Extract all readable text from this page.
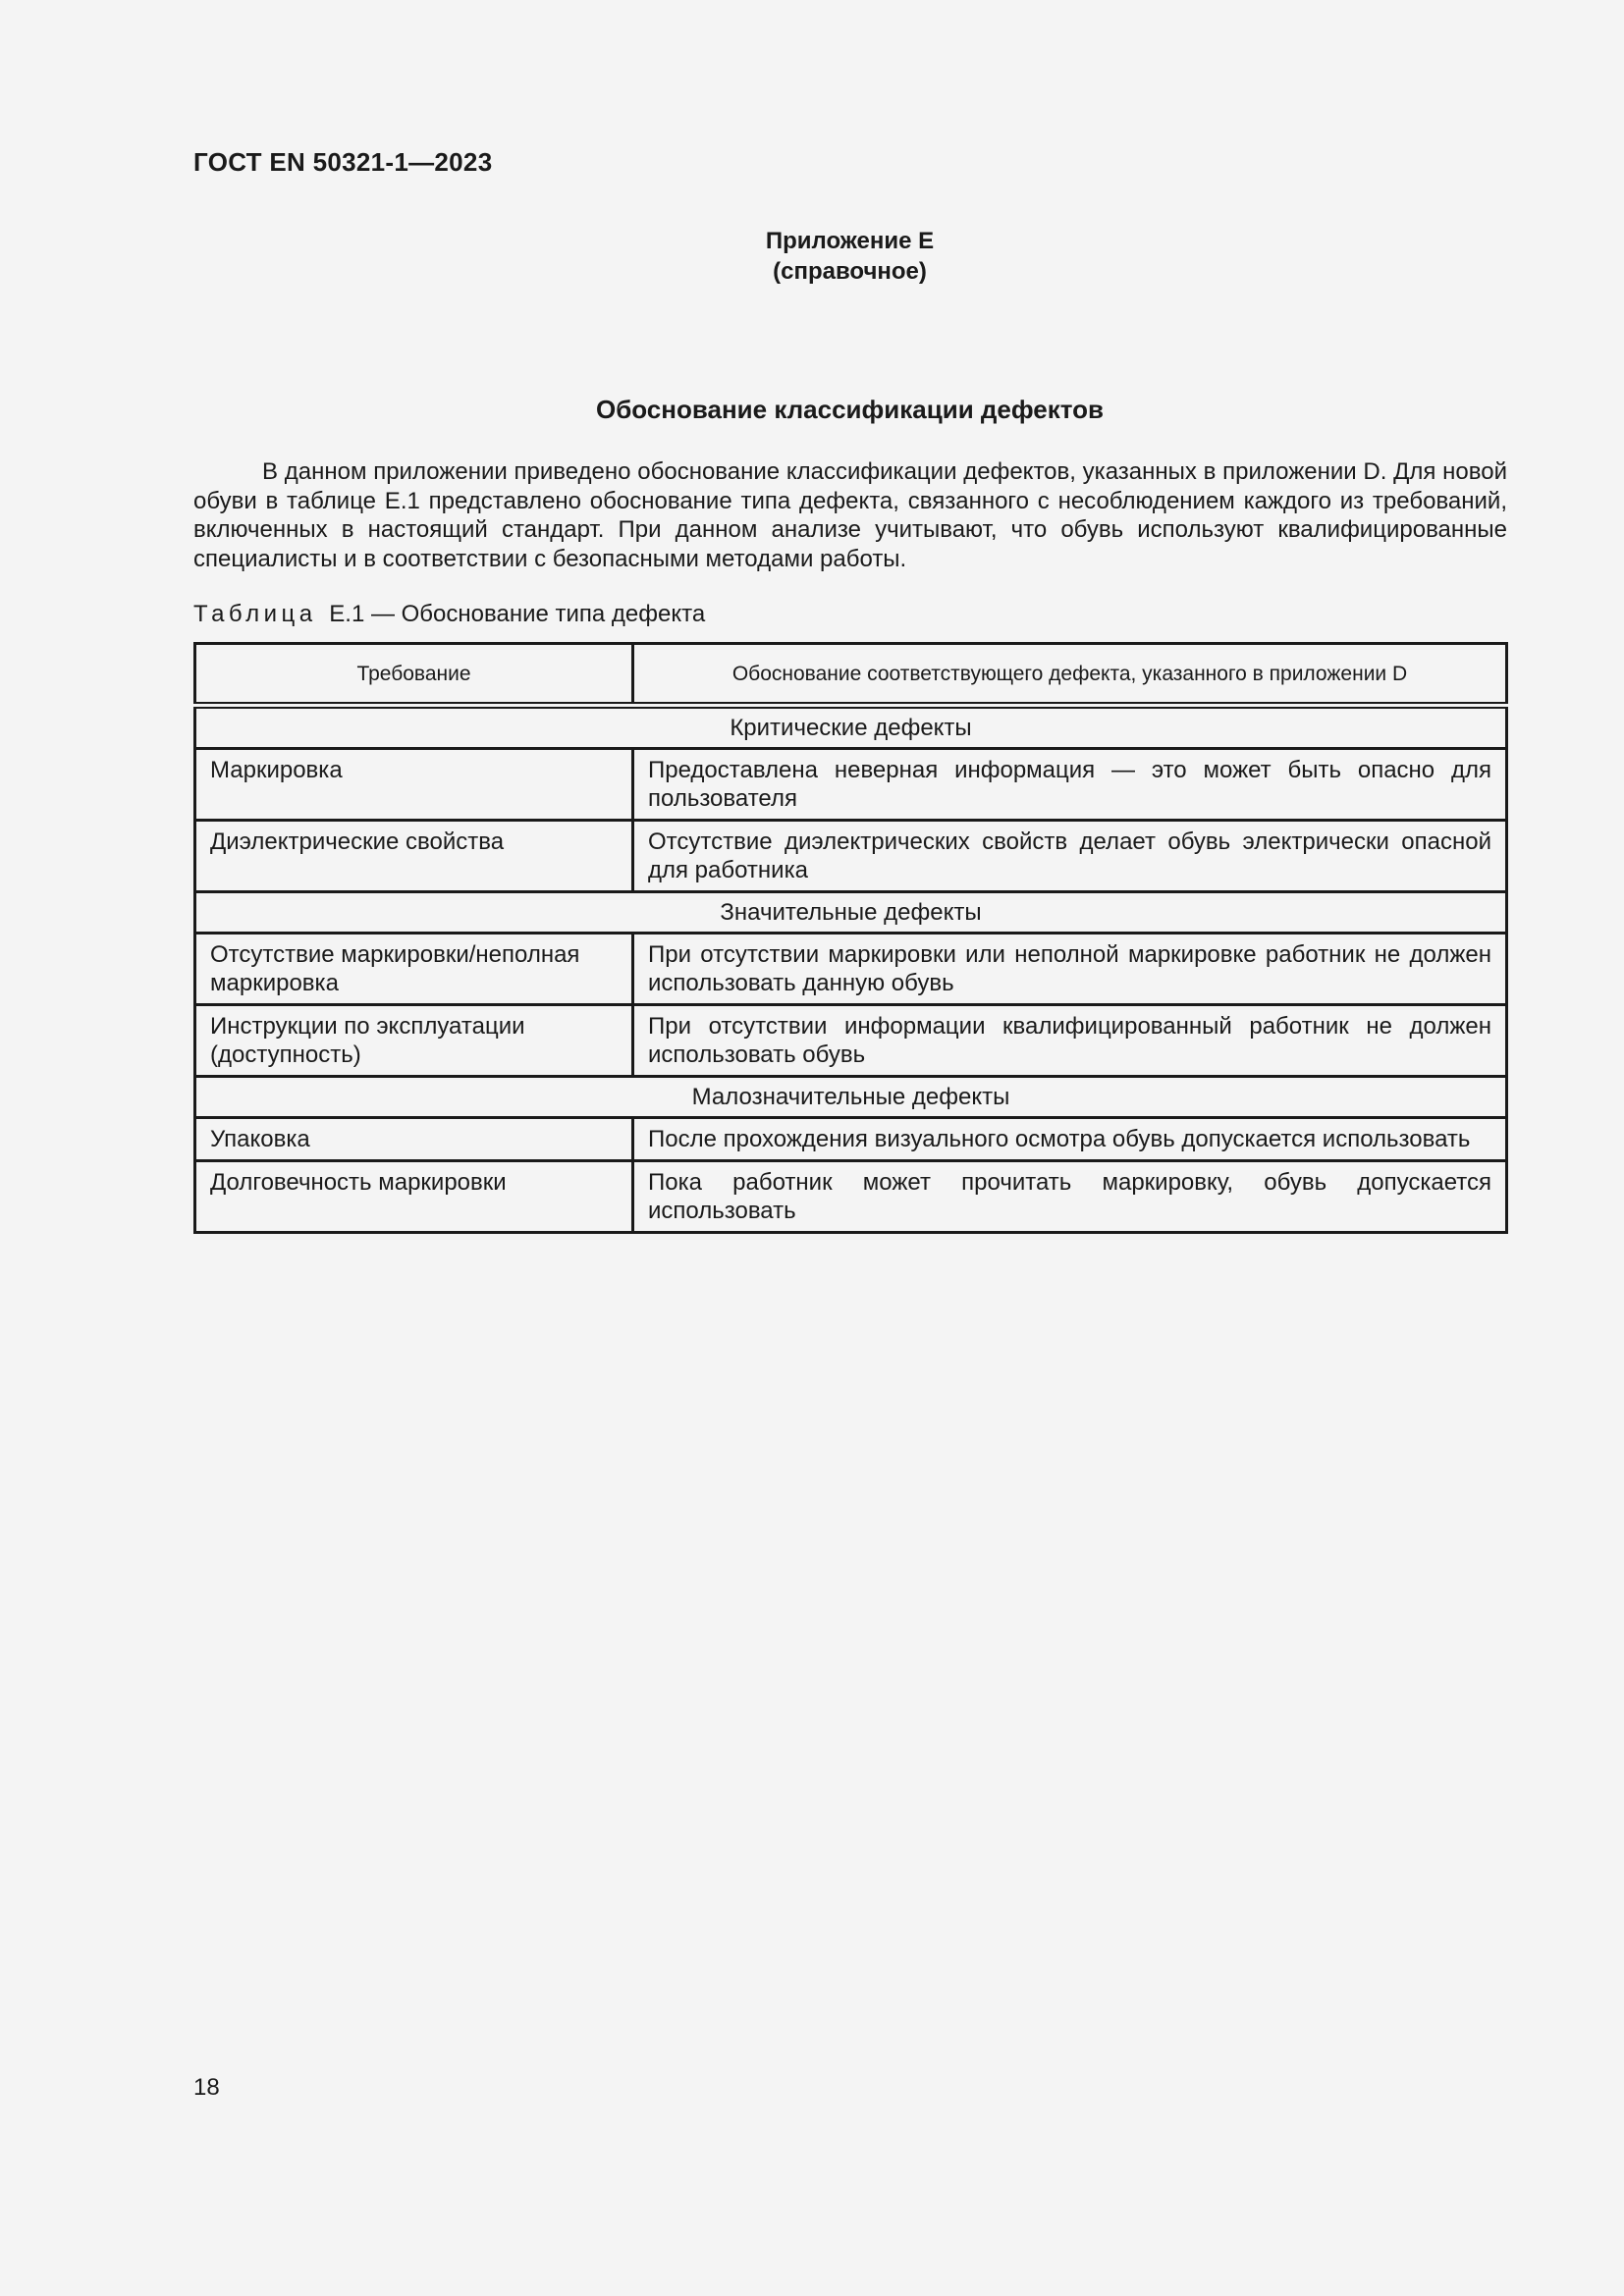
ГОСТ EN 50321-1—2023
Приложение E
(справочное)
Обоснование классификации дефектов

В данном приложении приведено обоснование классификации дефектов, указанных в приложении D. Для новой обуви в таблице E.1 представлено обоснование типа дефекта, связанного с несоблюдением каждого из требований, включенных в настоящий стандарт. При данном анализе учитывают, что обувь используют квалифицированные специалисты и в соответствии с безопасными методами работы.

Таблица E.1 — Обоснование типа дефекта
Требование	Обоснование соответствующего дефекта, указанного в приложении D
Критические дефекты	
Маркировка	Предоставлена неверная информация — это может быть опасно для пользователя
Диэлектрические свойства	Отсутствие диэлектрических свойств делает обувь электрически опасной для работника
Значительные дефекты	
Отсутствие маркировки/неполная маркировка	При отсутствии маркировки или неполной маркировке работник не должен использовать данную обувь
Инструкции по эксплуатации (доступность)	При отсутствии информации квалифицированный работник не должен использовать обувь
Малозначительные дефекты	
Упаковка	После прохождения визуального осмотра обувь допускается использовать
Долговечность маркировки	Пока работник может прочитать маркировку, обувь допускается использовать
18
